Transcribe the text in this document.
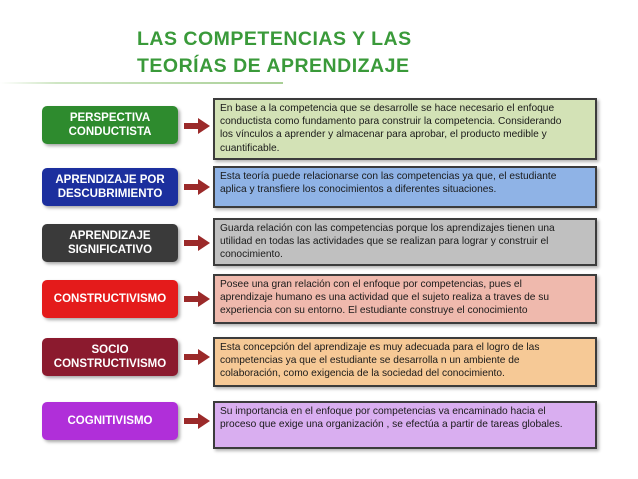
LAS COMPETENCIAS Y LAS
TEORÍAS DE APRENDIZAJE
PERSPECTIVA
CONDUCTISTA
En base a la competencia que se desarrolle se hace necesario el enfoque
conductista como fundamento para construir la competencia. Considerando
los vínculos a aprender y almacenar para aprobar, el producto medible y
cuantificable.
APRENDIZAJE POR
DESCUBRIMIENTO
Esta teoría puede relacionarse con las competencias ya que, el estudiante
aplica y transfiere los conocimientos a diferentes situaciones.
APRENDIZAJE
SIGNIFICATIVO
Guarda relación con las competencias porque los aprendizajes tienen una
utilidad en todas las actividades que se realizan para lograr y construir el
conocimiento.
CONSTRUCTIVISMO
Posee una gran relación con el enfoque por competencias, pues el
aprendizaje humano es una actividad que el sujeto realiza a traves de su
experiencia con su entorno. El estudiante construye el conocimiento
SOCIO
CONSTRUCTIVISMO
Esta concepción del aprendizaje es muy adecuada para el logro de las
competencias ya que el estudiante se desarrolla n un ambiente de
colaboración, como exigencia de la sociedad del conocimiento.
COGNITIVISMO
Su importancia en el enfoque por competencias va encaminado hacia el
proceso que exige una organización , se efectúa a partir de tareas globales.
